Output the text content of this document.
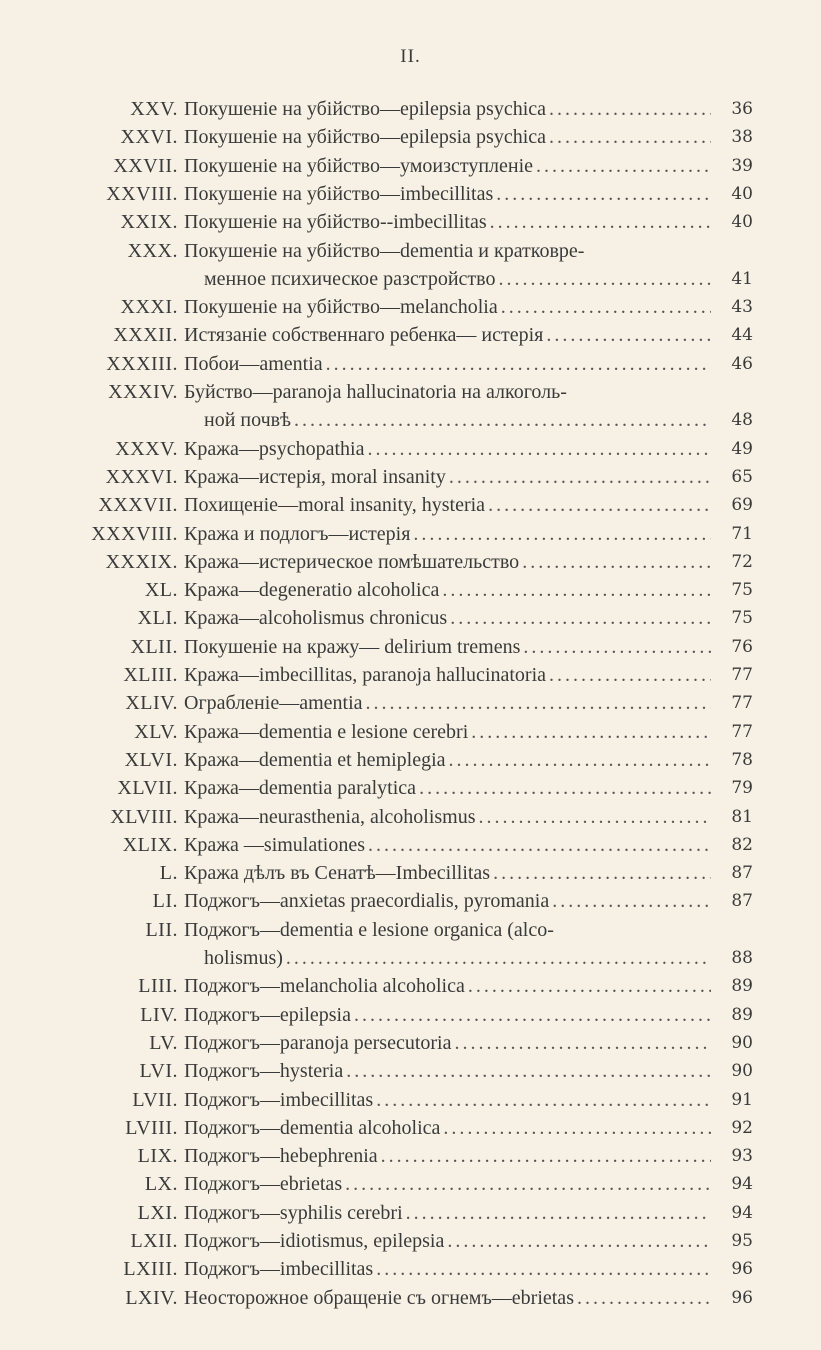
II.
XXV. Покушеніе на убійство—epilepsia psychica .....	36
XXVI. Покушеніе на убійство—epilepsia psychica .....	38
XXVII. Покушеніе на убійство—умоизступленіе .....	39
XXVIII. Покушеніе на убійство—imbecillitas .....	40
XXIX. Покушеніе на убійство--imbecillitas .....	40
XXX. Покушеніе на убійство—dementia и кратковре-
менное психическое разстройство .....	41
XXXI. Покушеніе на убійство—melancholia .....	43
XXXII. Истязаніе собственнаго ребенка— истерія .....	44
XXXIII. Побои—amentia .....	46
XXXIV. Буйство—paranoja hallucinatoria на алкоголь-
ной почвѣ .....	48
XXXV. Кража—psychopathia .....	49
XXXVI. Кража—истерія, moral insanity .....	65
XXXVII. Похищеніе—moral insanity, hysteria .....	69
XXXVIII. Кража и подлогъ—истерія .....	71
XXXIX. Кража—истерическое помѣшательство .....	72
XL. Кража—degeneratio alcoholica .....	75
XLI. Кража—alcoholismus chronicus .....	75
XLII. Покушеніе на кражу— delirium tremens .....	76
XLIII. Кража—imbecillitas, paranoja hallucinatoria .....	77
XLIV. Ограбленіе—amentia .....	77
XLV. Кража—dementia e lesione cerebri .....	77
XLVI. Кража—dementia et hemiplegia .....	78
XLVII. Кража—dementia paralytica .....	79
XLVIII. Кража—neurasthenia, alcoholismus .....	81
XLIX. Кража —simulationes .....	82
L. Кража дѣлъ въ Сенатѣ—Imbecillitas .....	87
LI. Поджогъ—anxietas praecordialis, pyromania .....	87
LII. Поджогъ—dementia e lesione organica (alco-
holismus) .....	88
LIII. Поджогъ—melancholia alcoholica .....	89
LIV. Поджогъ—epilepsia .....	89
LV. Поджогъ—paranoja persecutoria .....	90
LVI. Поджогъ—hysteria .....	90
LVII. Поджогъ—imbecillitas .....	91
LVIII. Поджогъ—dementia alcoholica .....	92
LIX. Поджогъ—hebephrenia .....	93
LX. Поджогъ—ebrietas .....	94
LXI. Поджогъ—syphilis cerebri .....	94
LXII. Поджогъ—idiotismus, epilepsia .....	95
LXIII. Поджогъ—imbecillitas .....	96
LXIV. Неосторожное обращеніе съ огнемъ—ebrietas .....	96
